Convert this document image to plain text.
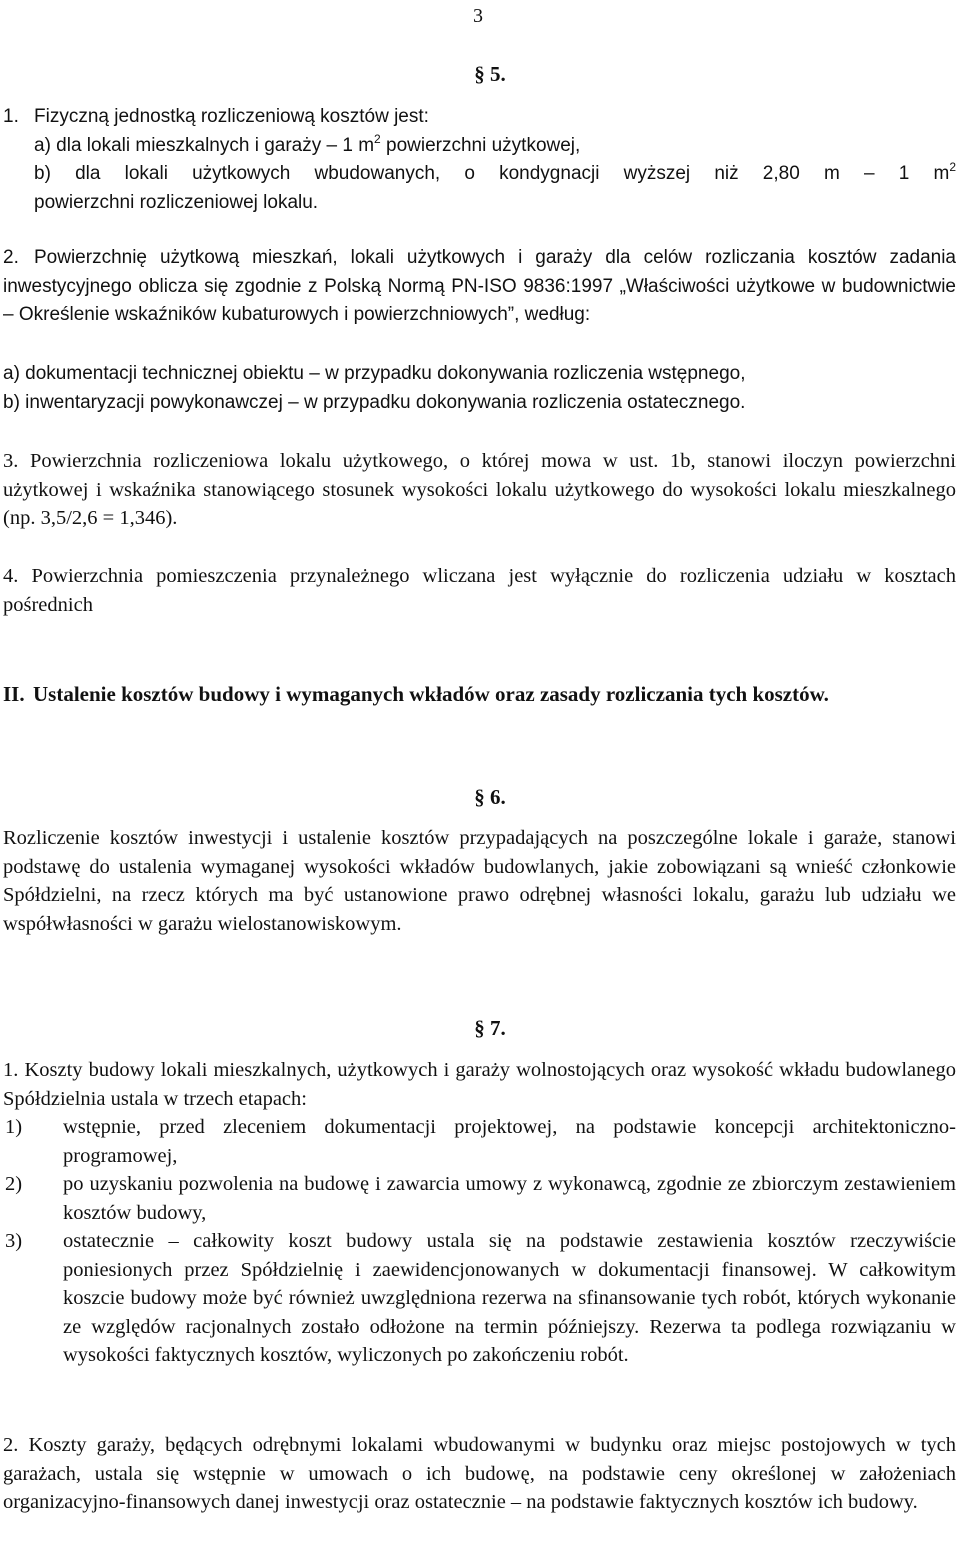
3
§ 5.
1. Fizyczną jednostką rozliczeniową kosztów jest:
a) dla lokali mieszkalnych i garaży – 1 $m^2$ powierzchni użytkowej,
b) dla lokali użytkowych wbudowanych, o kondygnacji wyższej niż 2,80 m – 1 $m^2$
powierzchni rozliczeniowej lokalu.
2. Powierzchnię użytkową mieszkań, lokali użytkowych i garaży dla celów rozliczania kosztów zadania inwestycyjnego oblicza się zgodnie z Polską Normą PN-ISO 9836:1997 „Właściwości użytkowe w budownictwie – Określenie wskaźników kubaturowych i powierzchniowych”, według:
a) dokumentacji technicznej obiektu – w przypadku dokonywania rozliczenia wstępnego,
b) inwentaryzacji powykonawczej – w przypadku dokonywania rozliczenia ostatecznego.
3. Powierzchnia rozliczeniowa lokalu użytkowego, o której mowa w ust. 1b, stanowi iloczyn powierzchni użytkowej i wskaźnika stanowiącego stosunek wysokości lokalu użytkowego do wysokości lokalu mieszkalnego (np. 3,5/2,6 = 1,346).
4. Powierzchnia pomieszczenia przynależnego wliczana jest wyłącznie do rozliczenia udziału w kosztach pośrednich
II. Ustalenie kosztów budowy i wymaganych wkładów oraz zasady rozliczania tych kosztów.
§ 6.
Rozliczenie kosztów inwestycji i ustalenie kosztów przypadających na poszczególne lokale i garaże, stanowi podstawę do ustalenia wymaganej wysokości wkładów budowlanych, jakie zobowiązani są wnieść członkowie Spółdzielni, na rzecz których ma być ustanowione prawo odrębnej własności lokalu, garażu lub udziału we współwłasności w garażu wielostanowiskowym.
§ 7.
1. Koszty budowy lokali mieszkalnych, użytkowych i garaży wolnostojących oraz wysokość wkładu budowlanego Spółdzielnia ustala w trzech etapach:
1)	wstępnie, przed zleceniem dokumentacji projektowej, na podstawie koncepcji architektoniczno-programowej,
2)	po uzyskaniu pozwolenia na budowę i zawarcia umowy z wykonawcą, zgodnie ze zbiorczym zestawieniem kosztów budowy,
3)	ostatecznie – całkowity koszt budowy ustala się na podstawie zestawienia kosztów rzeczywiście poniesionych przez Spółdzielnię i zaewidencjonowanych w dokumentacji finansowej. W całkowitym koszcie budowy może być również uwzględniona rezerwa na sfinansowanie tych robót, których wykonanie ze względów racjonalnych zostało odłożone na termin późniejszy. Rezerwa ta podlega rozwiązaniu w wysokości faktycznych kosztów, wyliczonych po zakończeniu robót.
2. Koszty garaży, będących odrębnymi lokalami wbudowanymi w budynku oraz miejsc postojowych w tych garażach, ustala się wstępnie w umowach o ich budowę, na podstawie ceny określonej w założeniach organizacyjno-finansowych danej inwestycji oraz ostatecznie – na podstawie faktycznych kosztów ich budowy.
